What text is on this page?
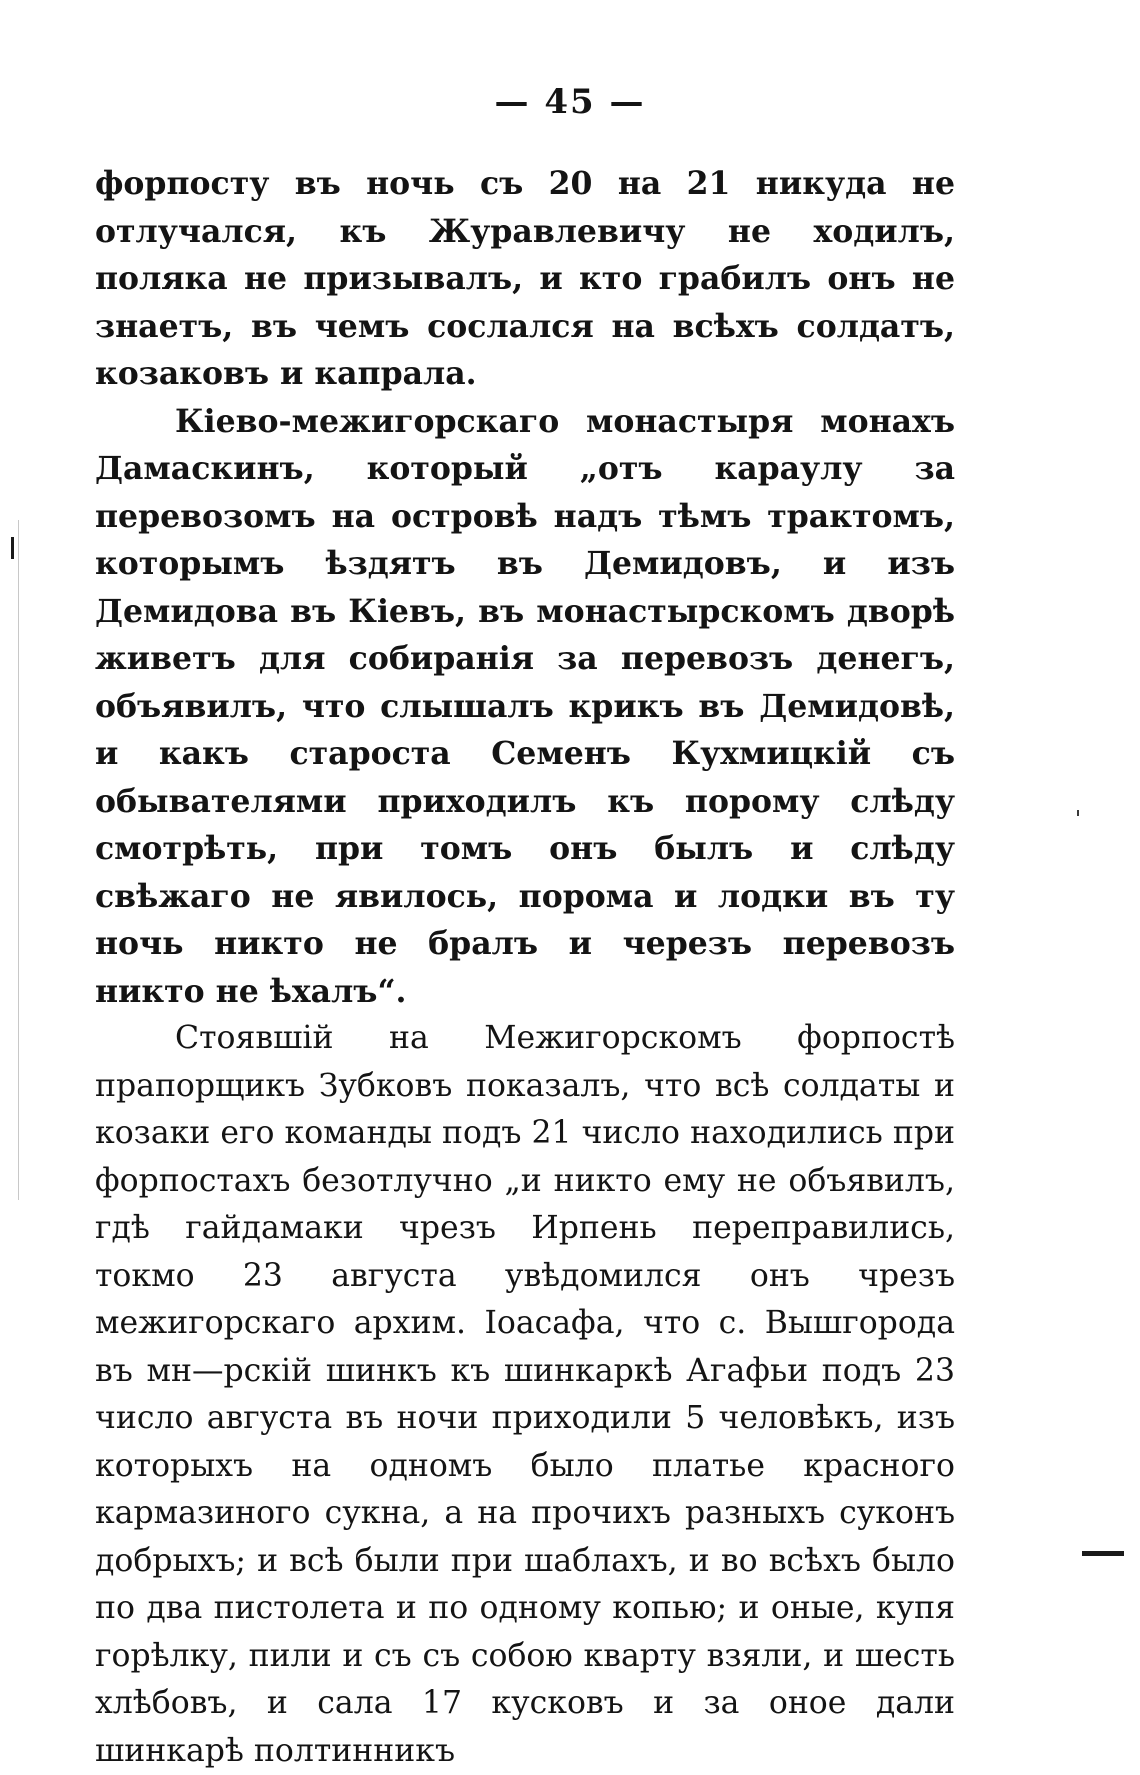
— 45 —

форпосту въ ночь съ 20 на 21 никуда не отлучался, къ Журавлевичу не ходилъ, поляка не призывалъ, и кто грабилъ онъ не знаетъ, въ чемъ сослался на всѣхъ солдатъ, козаковъ и капрала.

Кіево-межигорскаго монастыря монахъ Дамаскинъ, который „отъ караулу за перевозомъ на островѣ надъ тѣмъ трактомъ, которымъ ѣздятъ въ Демидовъ, и изъ Демидова въ Кіевъ, въ монастырскомъ дворѣ живетъ для собиранія за перевозъ денегъ, объявилъ, что слышалъ крикъ въ Демидовѣ, и какъ староста Семенъ Кухмицкій съ обывателями приходилъ къ порому слѣду смотрѣть, при томъ онъ былъ и слѣду свѣжаго не явилось, порома и лодки въ ту ночь никто не бралъ и черезъ перевозъ никто не ѣхалъ“.

Стоявшій на Межигорскомъ форпостѣ прапорщикъ Зубковъ показалъ, что всѣ солдаты и козаки его команды подъ 21 число находились при форпостахъ безотлучно „и никто ему не объявилъ, гдѣ гайдамаки чрезъ Ирпень переправились, токмо 23 августа увѣдомился онъ чрезъ межигорскаго архим. Іоасафа, что с. Вышгорода въ мн—рскій шинкъ къ шинкаркѣ Агафьи подъ 23 число августа въ ночи приходили 5 человѣкъ, изъ которыхъ на одномъ было платье красного кармазиного сукна, а на прочихъ разныхъ суконъ добрыхъ; и всѣ были при шаблахъ, и во всѣхъ было по два пистолета и по одному копью; и оные, купя горѣлку, пили и съ съ собою кварту взяли, и шесть хлѣбовъ, и сала 17 кусковъ и за оное дали шинкарѣ полтинникъ
